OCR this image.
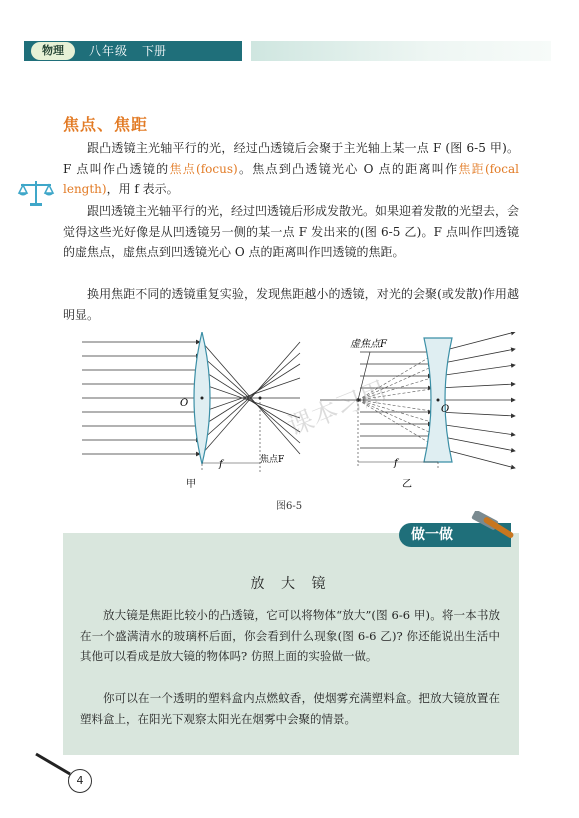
物理	八年级 下册
焦点、焦距

跟凸透镜主光轴平行的光，经过凸透镜后会聚于主光轴上某一点 F (图 6-5 甲)。F 点叫作凸透镜的焦点(focus)。焦点到凸透镜光心 O 点的距离叫作焦距(focal length)，用 f 表示。

跟凹透镜主光轴平行的光，经过凹透镜后形成发散光。如果迎着发散的光望去，会觉得这些光好像是从凹透镜另一侧的某一点 F 发出来的(图 6-5 乙)。F 点叫作凹透镜的虚焦点，虚焦点到凹透镜光心 O 点的距离叫作凹透镜的焦距。

换用焦距不同的透镜重复实验，发现焦距越小的透镜，对光的会聚(或发散)作用越明显。

O
f	焦点F
甲
虚焦点F
O
f
乙
课本习用
图6-5
做一做
放 大 镜

放大镜是焦距比较小的凸透镜，它可以将物体“放大”(图 6-6 甲)。将一本书放在一个盛满清水的玻璃杯后面，你会看到什么现象(图 6-6 乙)? 你还能说出生活中其他可以看成是放大镜的物体吗? 仿照上面的实验做一做。

你可以在一个透明的塑料盒内点燃蚊香，使烟雾充满塑料盒。把放大镜放置在塑料盒上，在阳光下观察太阳光在烟雾中会聚的情景。

4
